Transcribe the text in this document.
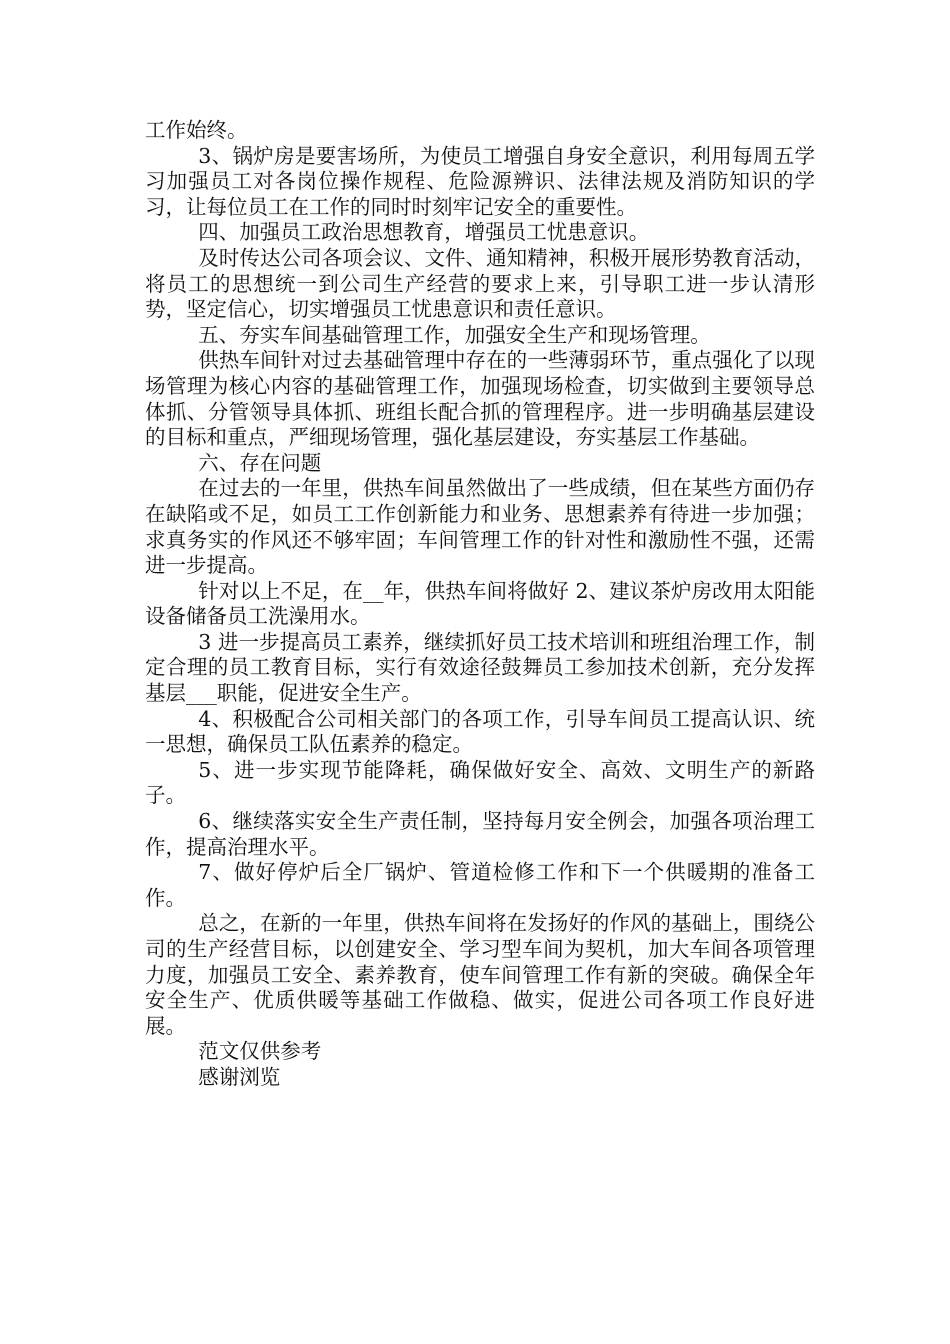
工作始终。

3、锅炉房是要害场所，为使员工增强自身安全意识，利用每周五学习加强员工对各岗位操作规程、危险源辨识、法律法规及消防知识的学习，让每位员工在工作的同时时刻牢记安全的重要性。

四、加强员工政治思想教育，增强员工忧患意识。

及时传达公司各项会议、文件、通知精神，积极开展形势教育活动，将员工的思想统一到公司生产经营的要求上来，引导职工进一步认清形势，坚定信心，切实增强员工忧患意识和责任意识。

五、夯实车间基础管理工作，加强安全生产和现场管理。

供热车间针对过去基础管理中存在的一些薄弱环节，重点强化了以现场管理为核心内容的基础管理工作，加强现场检查，切实做到主要领导总体抓、分管领导具体抓、班组长配合抓的管理程序。进一步明确基层建设的目标和重点，严细现场管理，强化基层建设，夯实基层工作基础。

六、存在问题

在过去的一年里，供热车间虽然做出了一些成绩，但在某些方面仍存在缺陷或不足，如员工工作创新能力和业务、思想素养有待进一步加强；求真务实的作风还不够牢固；车间管理工作的针对性和激励性不强，还需进一步提高。

针对以上不足，在__年，供热车间将做好 2、建议茶炉房改用太阳能设备储备员工洗澡用水。

3 进一步提高员工素养，继续抓好员工技术培训和班组治理工作，制定合理的员工教育目标，实行有效途径鼓舞员工参加技术创新，充分发挥基层___职能，促进安全生产。

4、积极配合公司相关部门的各项工作，引导车间员工提高认识、统一思想，确保员工队伍素养的稳定。

5、进一步实现节能降耗，确保做好安全、高效、文明生产的新路子。

6、继续落实安全生产责任制，坚持每月安全例会，加强各项治理工作，提高治理水平。

7、做好停炉后全厂锅炉、管道检修工作和下一个供暖期的准备工作。

总之，在新的一年里，供热车间将在发扬好的作风的基础上，围绕公司的生产经营目标，以创建安全、学习型车间为契机，加大车间各项管理力度，加强员工安全、素养教育，使车间管理工作有新的突破。确保全年安全生产、优质供暖等基础工作做稳、做实，促进公司各项工作良好进展。

范文仅供参考

感谢浏览
